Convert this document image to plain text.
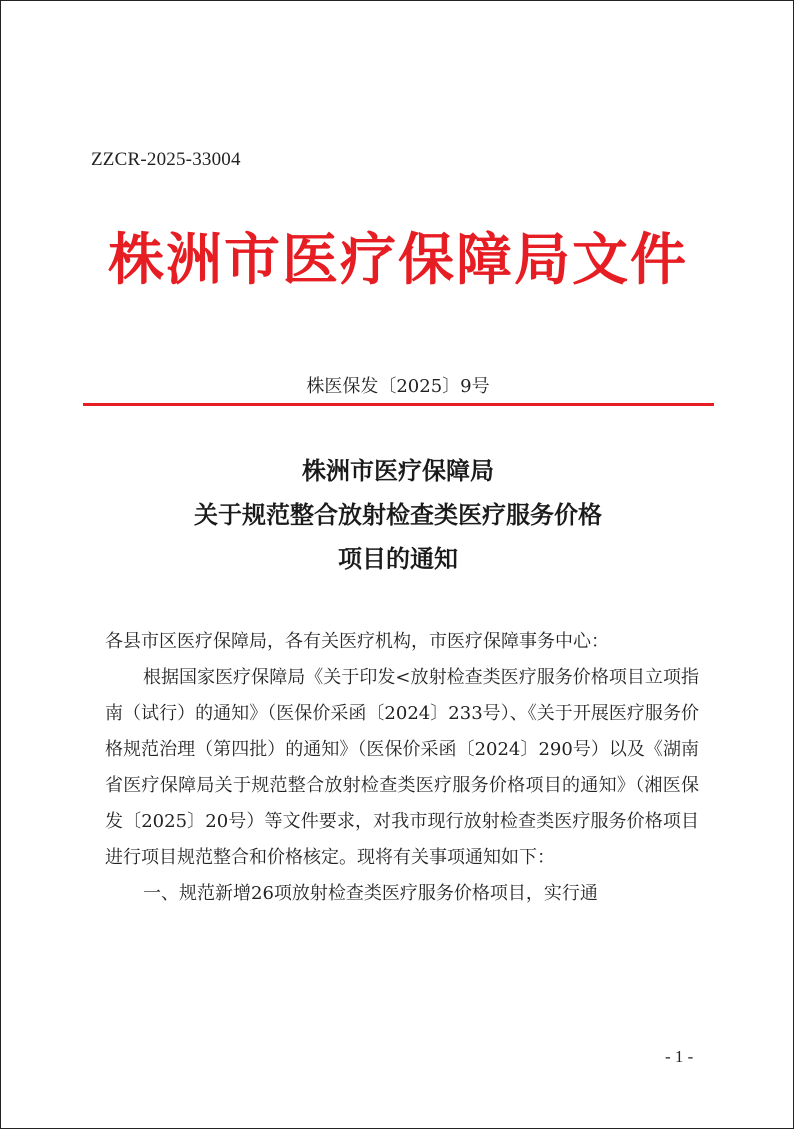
ZZCR-2025-33004
株洲市医疗保障局文件
株医保发〔2025〕9号
株洲市医疗保障局
关于规范整合放射检查类医疗服务价格
项目的通知

各县市区医疗保障局，各有关医疗机构，市医疗保障事务中心：

根据国家医疗保障局《关于印发<放射检查类医疗服务价格项目立项指南（试行）的通知》（医保价采函〔2024〕233号）、《关于开展医疗服务价格规范治理（第四批）的通知》（医保价采函〔2024〕290号）以及《湖南省医疗保障局关于规范整合放射检查类医疗服务价格项目的通知》（湘医保发〔2025〕20号）等文件要求，对我市现行放射检查类医疗服务价格项目进行项目规范整合和价格核定。现将有关事项通知如下：

一、规范新增26项放射检查类医疗服务价格项目，实行通

- 1 -
